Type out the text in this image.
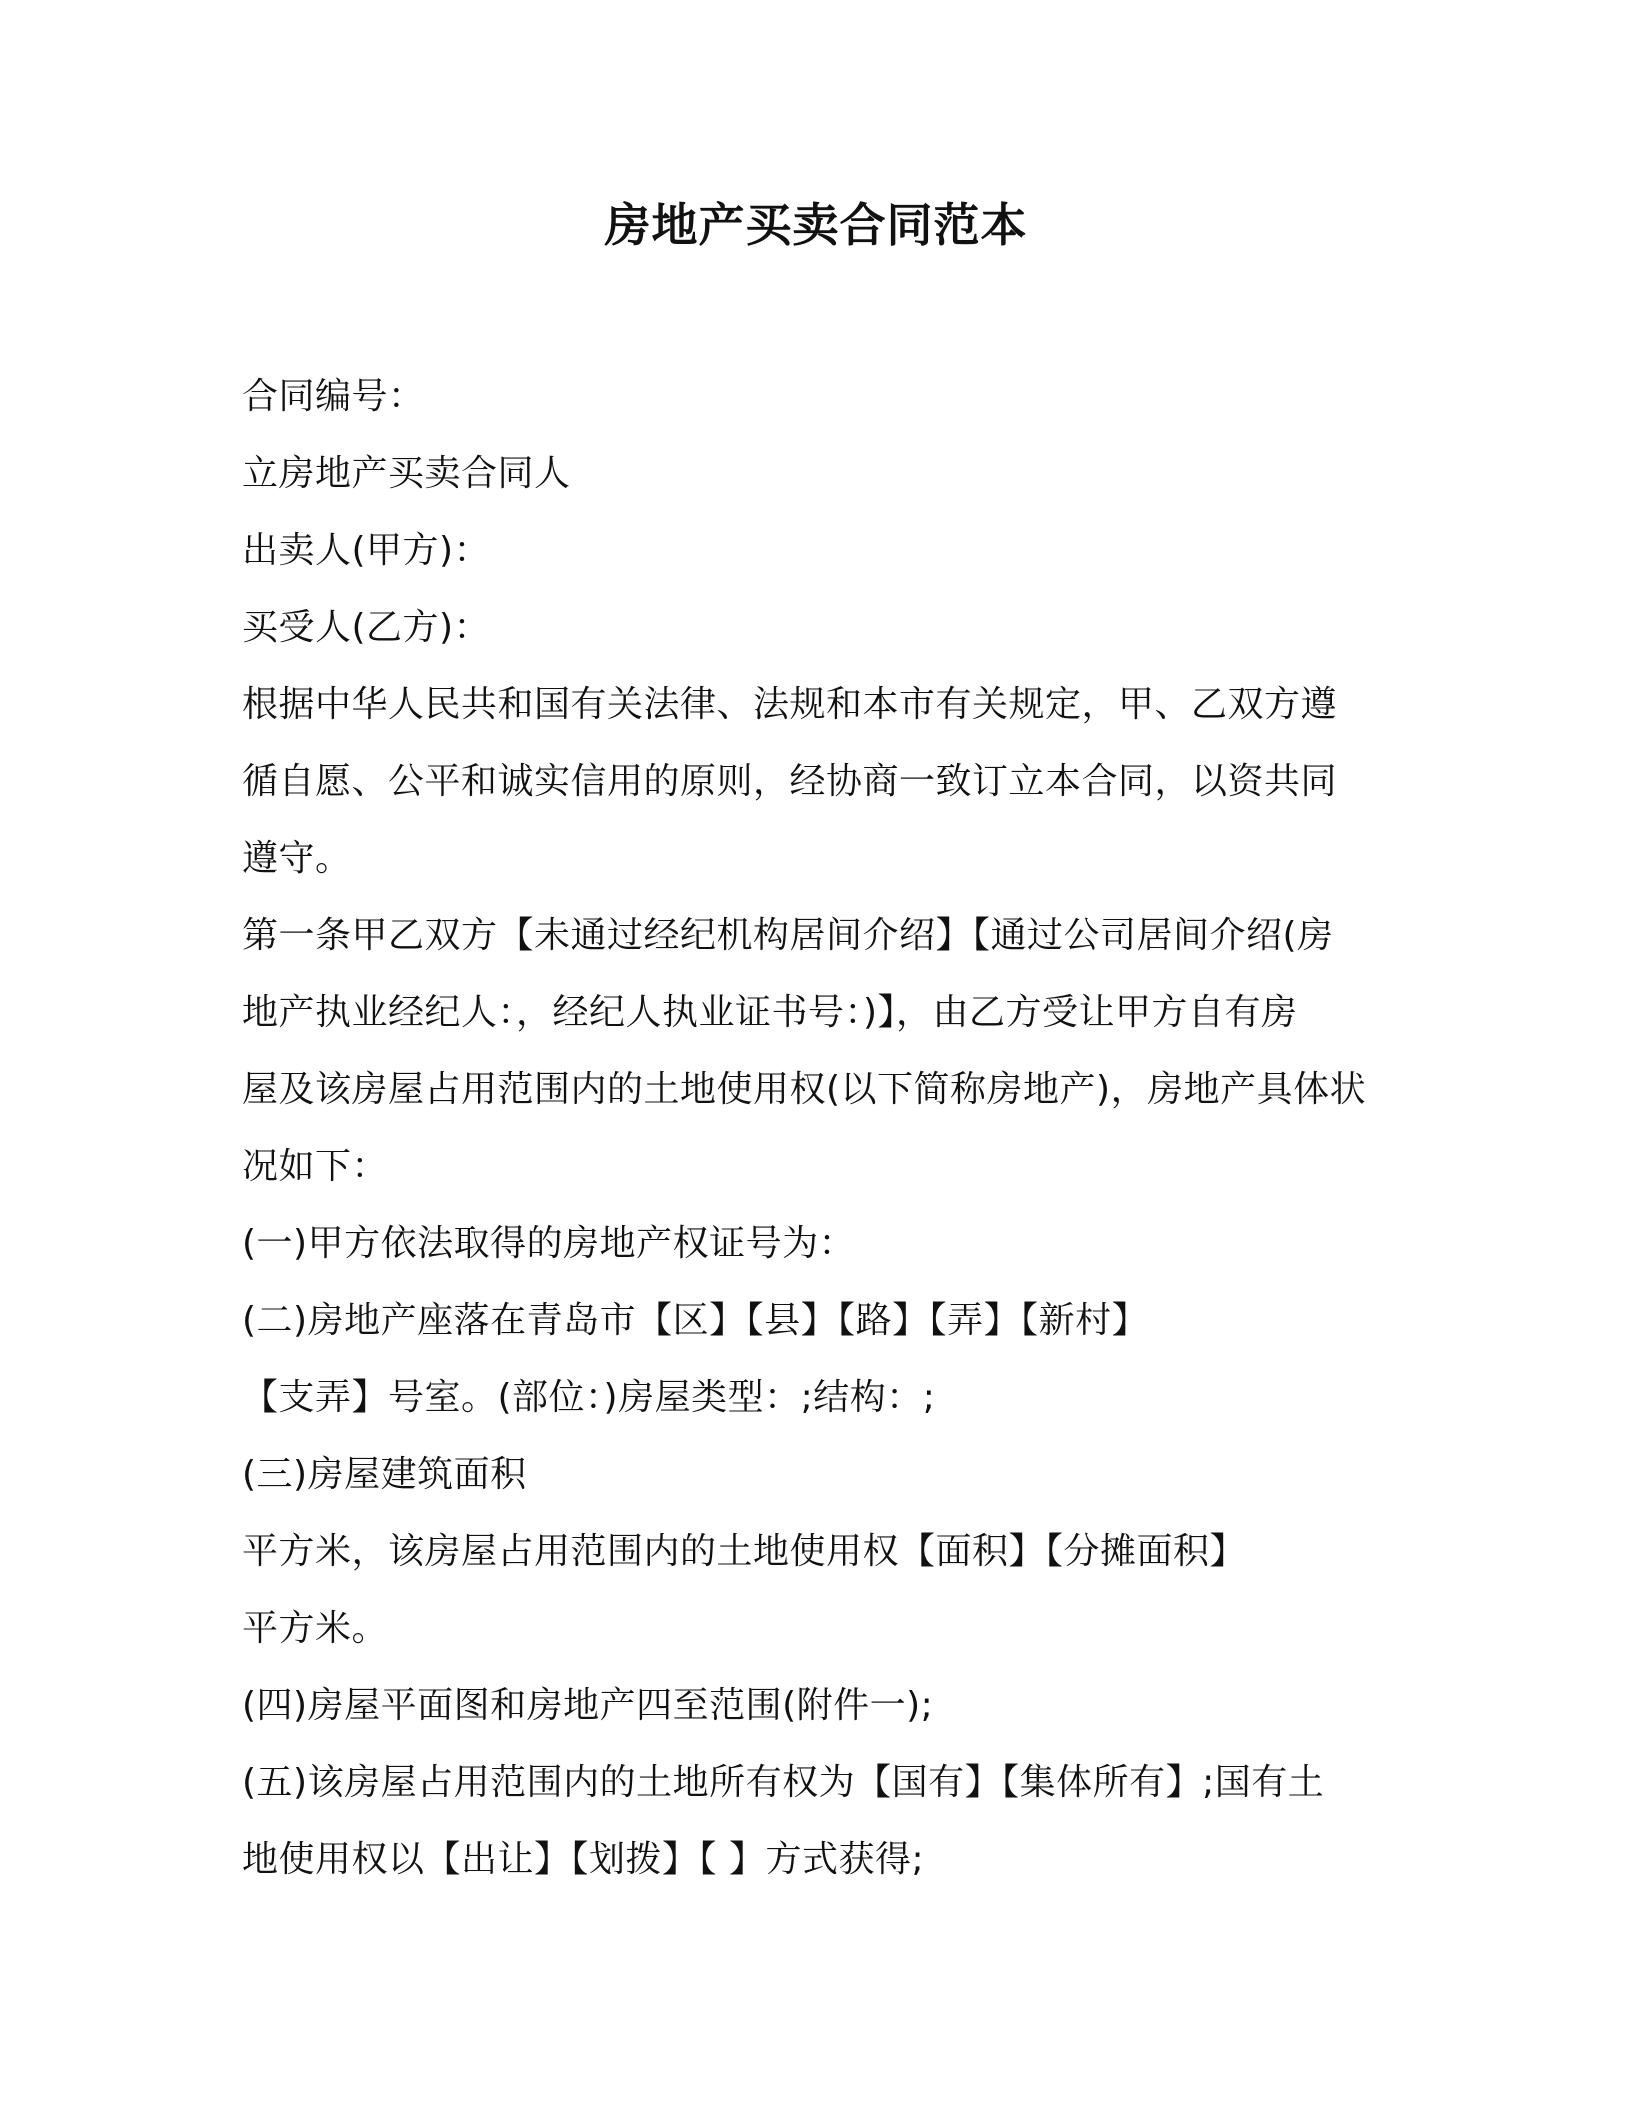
房地产买卖合同范本
合同编号：
立房地产买卖合同人
出卖人(甲方)：
买受人(乙方)：
根据中华人民共和国有关法律、法规和本市有关规定，甲、乙双方遵
循自愿、公平和诚实信用的原则，经协商一致订立本合同，以资共同
遵守。
第一条甲乙双方【未通过经纪机构居间介绍】【通过公司居间介绍(房
地产执业经纪人：，经纪人执业证书号：)】，由乙方受让甲方自有房
屋及该房屋占用范围内的土地使用权(以下简称房地产)，房地产具体状
况如下：
(一)甲方依法取得的房地产权证号为：
(二)房地产座落在青岛市【区】【县】【路】【弄】【新村】
【支弄】号室。(部位：)房屋类型：;结构：;
(三)房屋建筑面积
平方米，该房屋占用范围内的土地使用权【面积】【分摊面积】
平方米。
(四)房屋平面图和房地产四至范围(附件一);
(五)该房屋占用范围内的土地所有权为【国有】【集体所有】;国有土
地使用权以【出让】【划拨】【 】方式获得;
